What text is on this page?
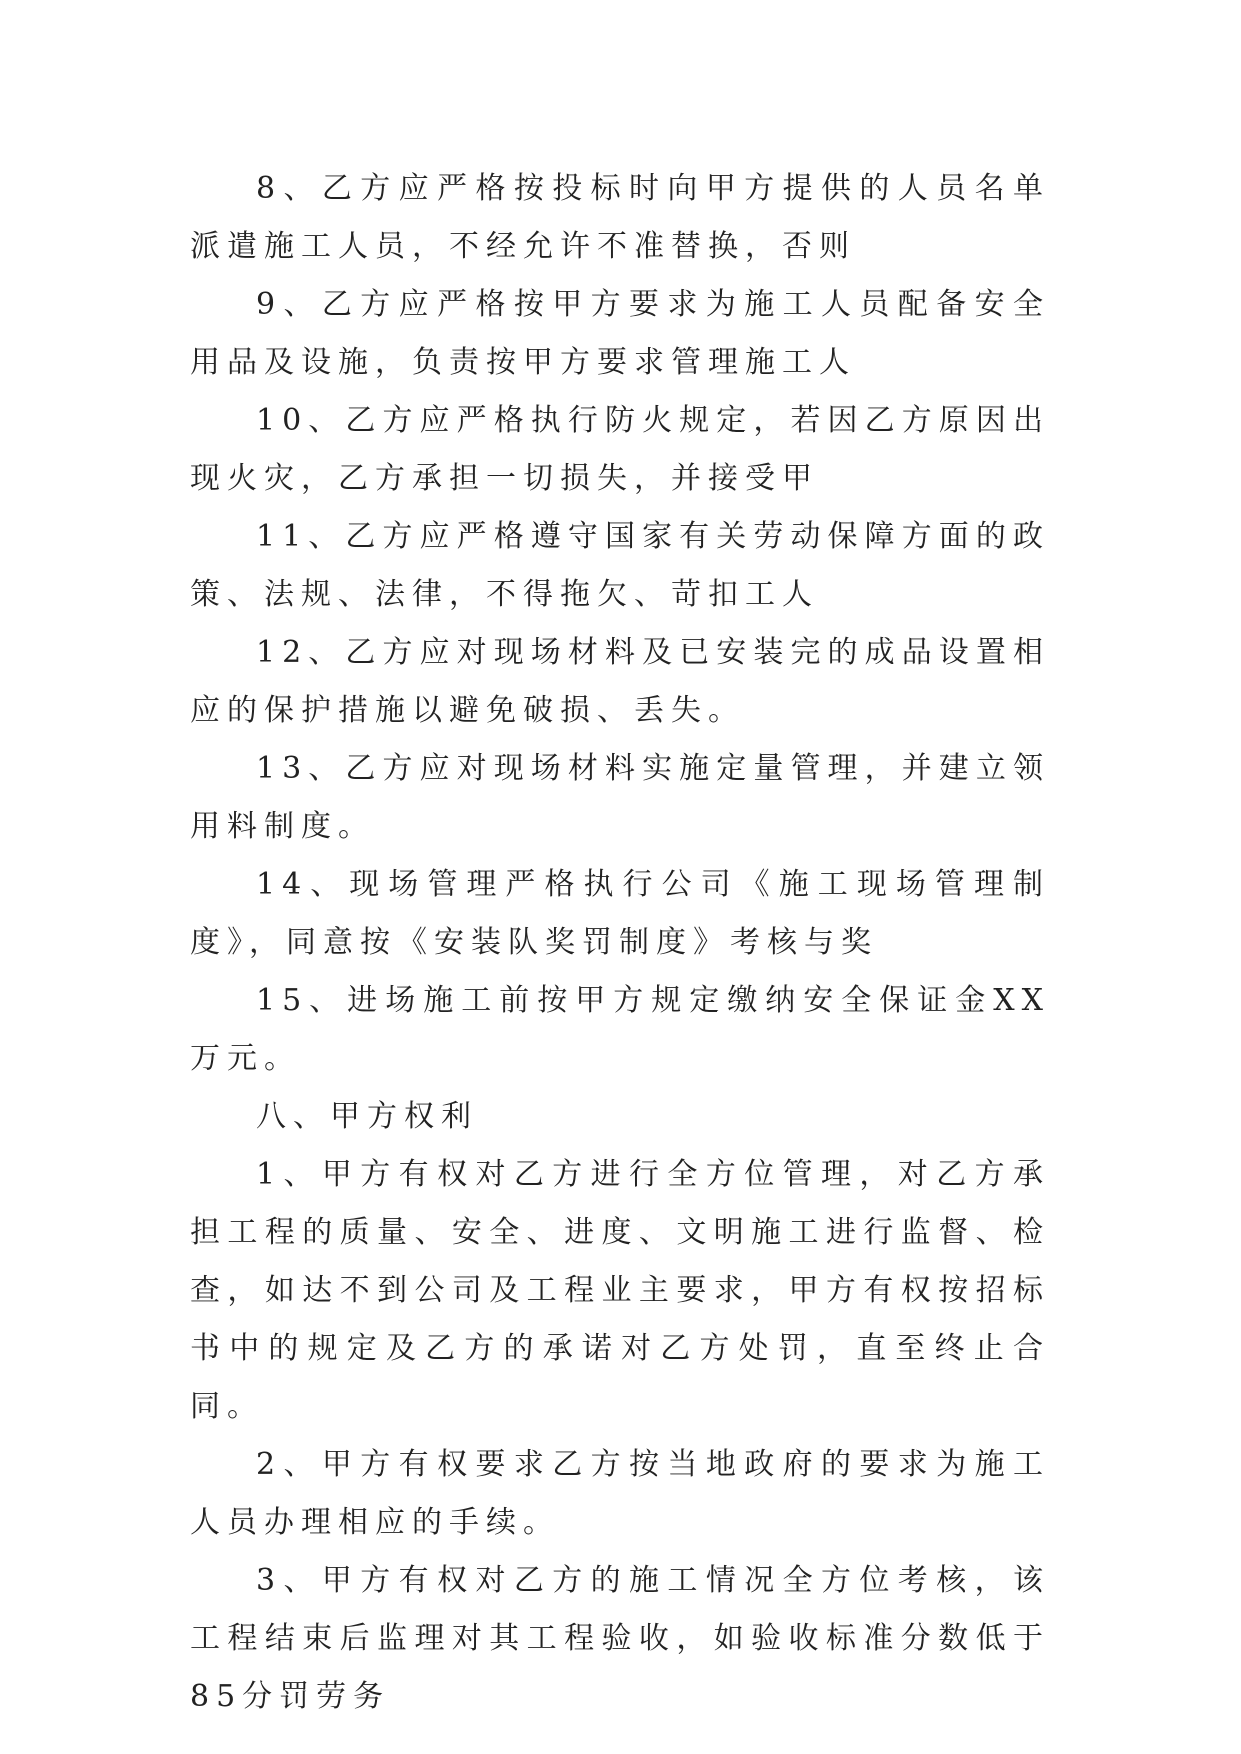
8、乙方应严格按投标时向甲方提供的人员名单派遣施工人员，不经允许不准替换，否则

9、乙方应严格按甲方要求为施工人员配备安全用品及设施，负责按甲方要求管理施工人

10、乙方应严格执行防火规定，若因乙方原因出现火灾，乙方承担一切损失，并接受甲

11、乙方应严格遵守国家有关劳动保障方面的政策、法规、法律，不得拖欠、苛扣工人

12、乙方应对现场材料及已安装完的成品设置相应的保护措施以避免破损、丢失。

13、乙方应对现场材料实施定量管理，并建立领用料制度。

14、现场管理严格执行公司《施工现场管理制度》，同意按《安装队奖罚制度》考核与奖

15、进场施工前按甲方规定缴纳安全保证金XX万元。

八、甲方权利

1、甲方有权对乙方进行全方位管理，对乙方承担工程的质量、安全、进度、文明施工进行监督、检查，如达不到公司及工程业主要求，甲方有权按招标书中的规定及乙方的承诺对乙方处罚，直至终止合同。

2、甲方有权要求乙方按当地政府的要求为施工人员办理相应的手续。

3、甲方有权对乙方的施工情况全方位考核，该工程结束后监理对其工程验收，如验收标准分数低于85分罚劳务
